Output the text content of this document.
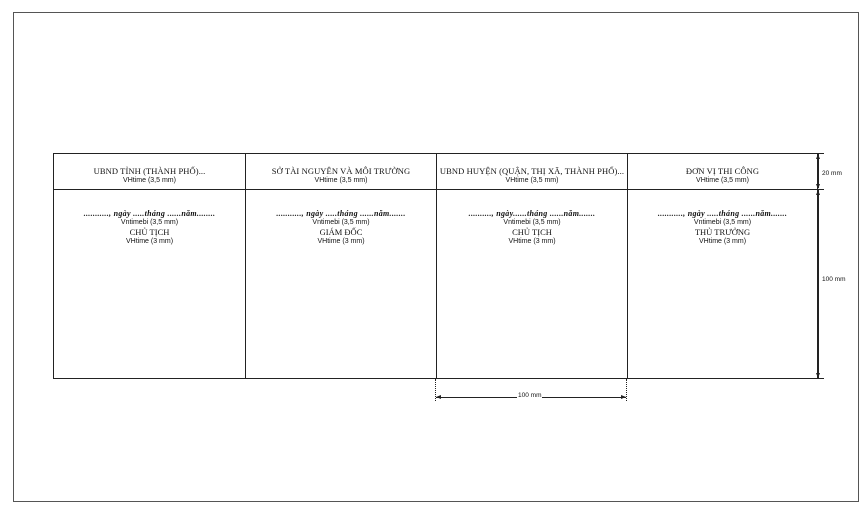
UBND TỈNH (THÀNH PHỐ)...
VHtime (3,5 mm)
..........., ngày .....tháng ......năm........
Vntimebi (3,5 mm)
CHỦ TỊCH
VHtime (3 mm)
SỞ TÀI NGUYÊN VÀ MÔI TRƯỜNG
VHtime (3,5 mm)
..........., ngày .....tháng ......năm.......
Vntimebi (3,5 mm)
GIÁM ĐỐC
VHtime (3 mm)
UBND HUYỆN (QUẬN, THỊ XÃ, THÀNH PHỐ)...
VHtime (3,5 mm)
.........., ngày......tháng ......năm.......
Vntimebi (3,5 mm)
CHỦ TỊCH
VHtime (3 mm)
ĐƠN VỊ THI CÔNG
VHtime (3,5 mm)
..........., ngày .....tháng ......năm.......
Vntimebi (3,5 mm)
THỦ TRƯỞNG
VHtime (3 mm)
20 mm
100 mm
100 mm
